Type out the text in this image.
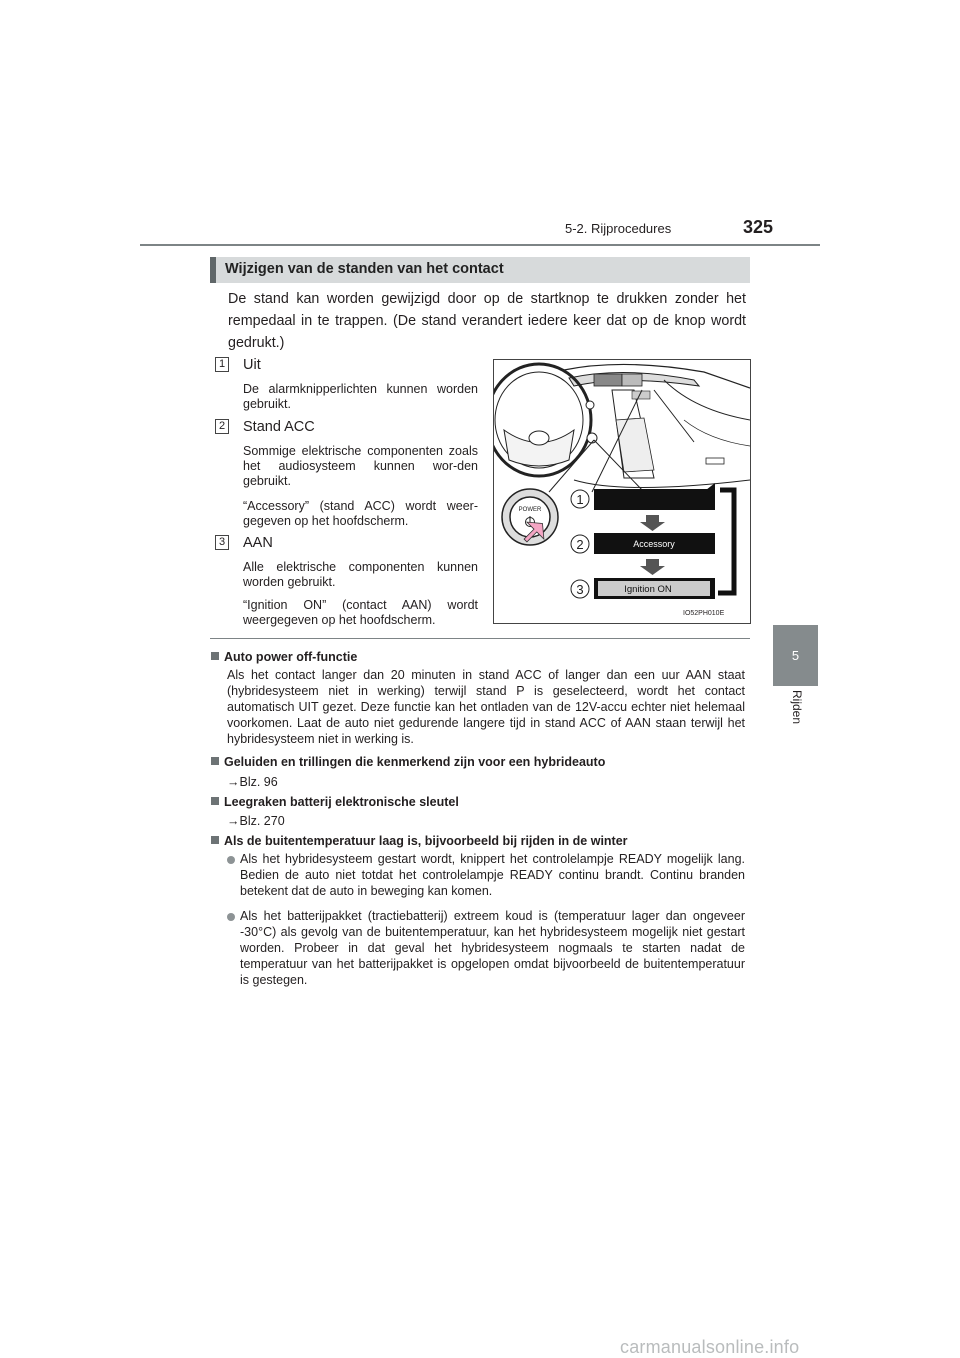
5-2. Rijprocedures	325
5
Rijden
Wijzigen van de standen van het contact
De stand kan worden gewijzigd door op de startknop te drukken zonder het rempedaal in te trappen. (De stand verandert iedere keer dat op de knop wordt gedrukt.)
1 Uit
De alarmknipperlichten kunnen worden gebruikt.
2 Stand ACC
Sommige elektrische componenten zoals het audiosysteem kunnen wor-den gebruikt.
“Accessory” (stand ACC) wordt weer-gegeven op het hoofdscherm.
3 AAN
Alle elektrische componenten kunnen worden gebruikt.
“Ignition ON” (contact AAN) wordt weergegeven op het hoofdscherm.
POWER
1
2	Accessory
3	Ignition ON
IO52PH010E
Auto power off-functie
Als het contact langer dan 20 minuten in stand ACC of langer dan een uur AAN staat (hybridesysteem niet in werking) terwijl stand P is geselecteerd, wordt het contact automatisch UIT gezet. Deze functie kan het ontladen van de 12V-accu echter niet helemaal voorkomen. Laat de auto niet gedurende langere tijd in stand ACC of AAN staan terwijl het hybridesysteem niet in werking is.
Geluiden en trillingen die kenmerkend zijn voor een hybrideauto
→Blz. 96
Leegraken batterij elektronische sleutel
→Blz. 270
Als de buitentemperatuur laag is, bijvoorbeeld bij rijden in de winter
Als het hybridesysteem gestart wordt, knippert het controlelampje READY mogelijk lang. Bedien de auto niet totdat het controlelampje READY continu brandt. Continu branden betekent dat de auto in beweging kan komen.
Als het batterijpakket (tractiebatterij) extreem koud is (temperatuur lager dan ongeveer -30°C) als gevolg van de buitentemperatuur, kan het hybridesysteem mogelijk niet gestart worden. Probeer in dat geval het hybridesysteem nogmaals te starten nadat de temperatuur van het batterijpakket is opgelopen omdat bijvoorbeeld de buitentemperatuur is gestegen.
carmanualsonline.info
